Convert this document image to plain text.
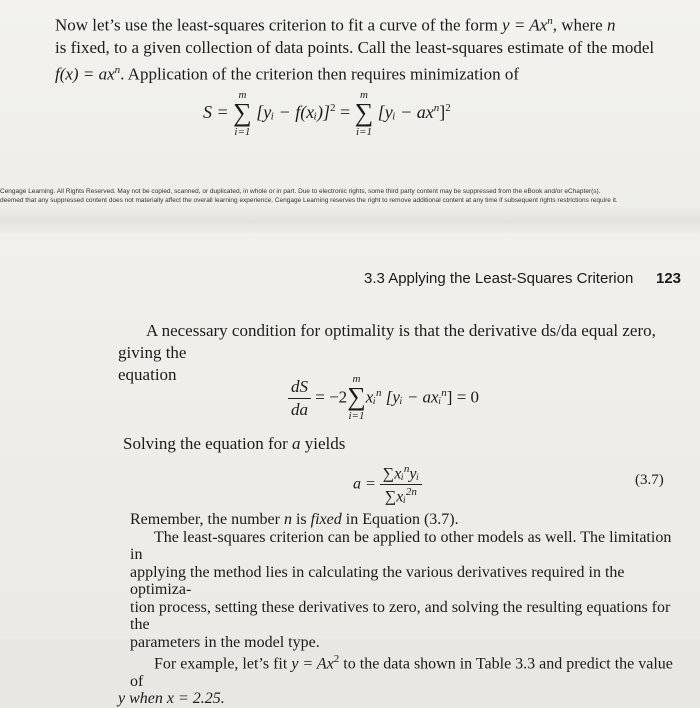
Now let’s use the least-squares criterion to fit a curve of the form $y = Ax^n$, where n

is fixed, to a given collection of data points. Call the least-squares estimate of the model

$f(x) = ax^n$. Application of the criterion then requires minimization of

S = ∑
m
i=1
[yᵢ − f(xᵢ)]$^2$ = ∑
m
i=1
[yᵢ − $ax^n]^2$
Cengage Learning. All Rights Reserved. May not be copied, scanned, or duplicated, in whole or in part. Due to electronic rights, some third party content may be suppressed from the eBook and/or eChapter(s).
deemed that any suppressed content does not materially affect the overall learning experience. Cengage Learning reserves the right to remove additional content at any time if subsequent rights restrictions require it.
3.3 Applying the Least-Squares Criterion 123

A necessary condition for optimality is that the derivative ds/da equal zero, giving the

equation

$\frac{dS}{da} = -2\sum$
m
i=1
xᵢ$^n$ [yᵢ − axᵢ$^n$] = 0

Solving the equation for a yields

$a = \frac{\sum xᵢ^nyᵢ}{\sum xᵢ^{2n}}$	(3.7)

Remember, the number n is fixed in Equation (3.7).

The least-squares criterion can be applied to other models as well. The limitation in

applying the method lies in calculating the various derivatives required in the optimiza-

tion process, setting these derivatives to zero, and solving the resulting equations for the

parameters in the model type.

For example, let’s fit $y = Ax^2$ to the data shown in Table 3.3 and predict the value of

y when x = 2.25.
